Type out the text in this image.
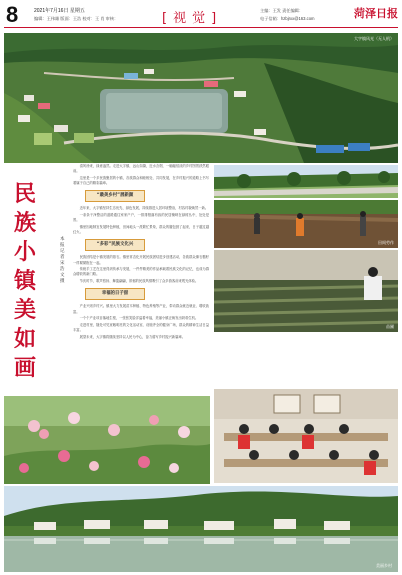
8	2021年7月16日 星期五
编辑：王伟雄 版面：王浩 校对：王 肖 审核：	[视觉]
主编：王发 责任编辑：
电子信箱：hzbjrxx@163.com	菏泽日报
大字镇风光（无人机）
民族小镇美如画
本报记者 宋浩 文 摄

清风徐来，绿意盎然。走进大字镇，远山如黛，近水含烟，一幅幅恬淡的乡村图景跃然眼前。

这里是一个多民族聚居的小镇，各族群众和睦相处、共同发展，在乡村振兴的道路上书写着属于自己的精彩篇章。

“最美乡村”展新颜

近年来，大字镇坚持生态优先、绿色发展，持续推进人居环境整治，村容村貌焕然一新。

一条条干净整洁的道路通往家家户户，一排排错落有致的民居掩映在绿树丛中，处处是景。

镇里因地制宜发展特色种植，田间地头一派繁忙景象，群众的腰包鼓了起来，日子越过越红火。

“多彩”民族文化兴

民族团结是小镇发展的基石。镇里常态化开展民族团结进步创建活动，各族群众像石榴籽一样紧紧抱在一起。

传统手工艺在这里得到传承与发展，一件件精美的作品承载着民族文化的记忆，也成为群众增收的新门路。

节庆时节，歌声悠扬、舞姿翩翩，浓郁的民族风情吸引了众多游客前来观光体验。

幸福的日子甜

产业兴则乡村兴。镇里大力发展苗木种植、特色养殖等产业，带动群众就近就业、增收致富。

一个个产业项目落地生根，一张张笑脸洋溢着幸福，美丽小镇正焕发出勃勃生机。

走进村里，随处可见宽敞明亮的文化活动室、设施齐全的健身广场，群众的精神生活日益丰富。

展望未来，大字镇将继续坚持以人民为中心，奋力谱写乡村振兴新篇章。

田间劳作
苗圃
美丽乡村
